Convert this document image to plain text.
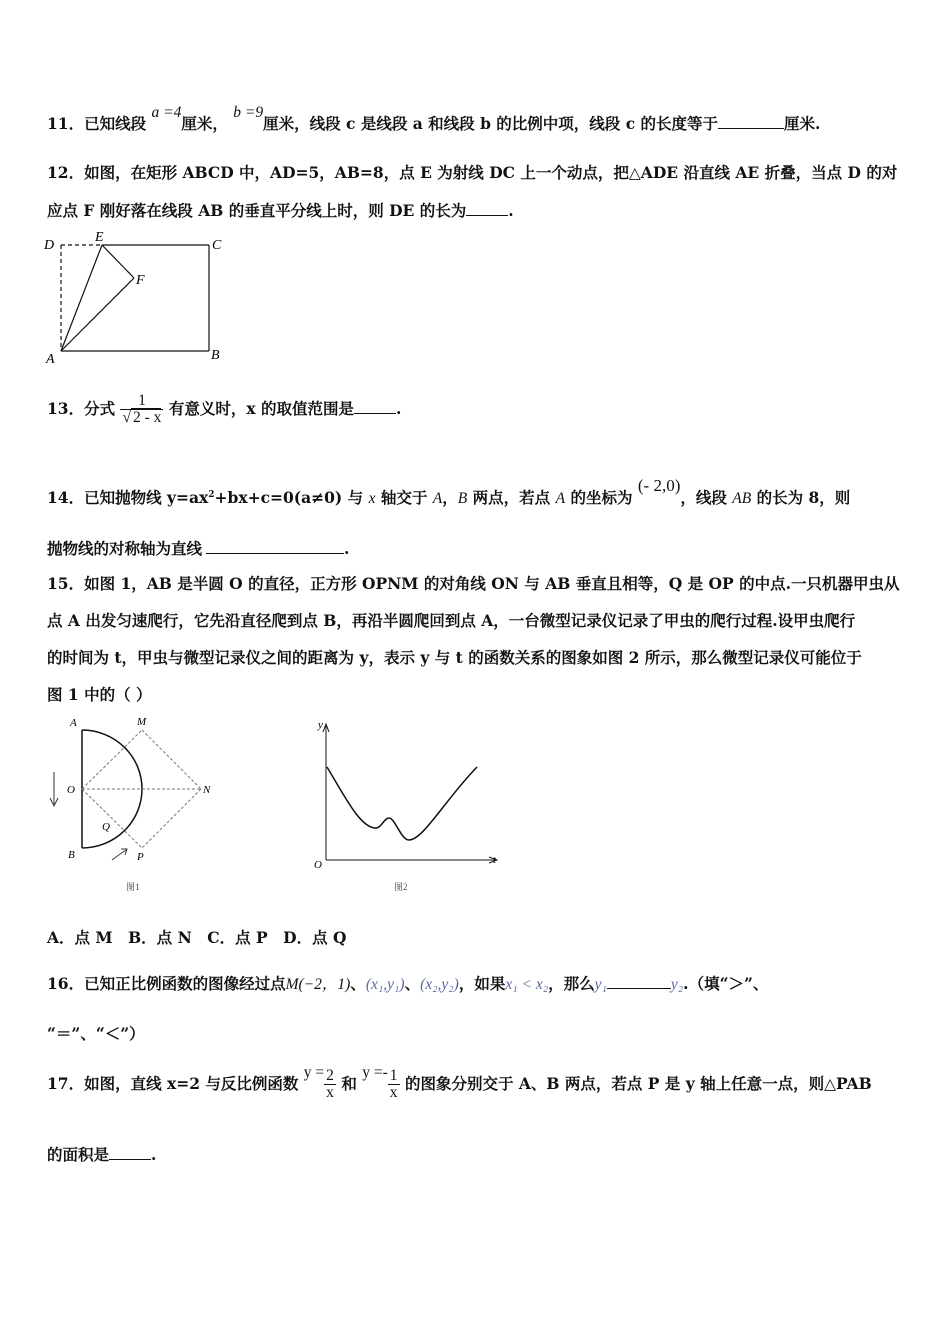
11．已知线段 a =4厘米， b =9厘米，线段 c 是线段 a 和线段 b 的比例中项，线段 c 的长度等于	厘米.
12．如图，在矩形 ABCD 中，AD=5，AB=8，点 E 为射线 DC 上一个动点，把△ADE 沿直线 AE 折叠，当点 D 的对
应点 F 刚好落在线段 AB 的垂直平分线上时，则 DE 的长为	.
D
E
C
F
A	B
13．分式 $\frac{1}{√ 2 - x}$ 有意义时，x 的取值范围是	.
14．已知抛物线 $y=ax^2+bx+c=0(a\ne 0)$ 与 x 轴交于 A，B 两点，若点 A 的坐标为 (- 2,0)，线段 AB 的长为 8，则
抛物线的对称轴为直线	.
15．如图 1，AB 是半圆 O 的直径，正方形 OPNM 的对角线 ON 与 AB 垂直且相等，Q 是 OP 的中点.一只机器甲虫从
点 A 出发匀速爬行，它先沿直径爬到点 B，再沿半圆爬回到点 A，一台微型记录仪记录了甲虫的爬行过程.设甲虫爬行
的时间为 t，甲虫与微型记录仪之间的距离为 y，表示 y 与 t 的函数关系的图象如图 2 所示，那么微型记录仪可能位于
图 1 中的（ ）
A	M
O	N
Q
B	P
图1
y
O	t
图2
A．点 M　B．点 N　C．点 P　D．点 Q
16．已知正比例函数的图像经过点M(−2，1)、(x₁,y₁)、(x₂,y₂)，如果x₁ < x₂，那么y₁	y₂.（填“＞”、
“＝”、“＜”）
17．如图，直线 x=2 与反比例函数 $y = \frac{2}{x}$ 和 $y =- \frac{1}{x}$ 的图象分别交于 A、B 两点，若点 P 是 y 轴上任意一点，则△PAB
的面积是	.
